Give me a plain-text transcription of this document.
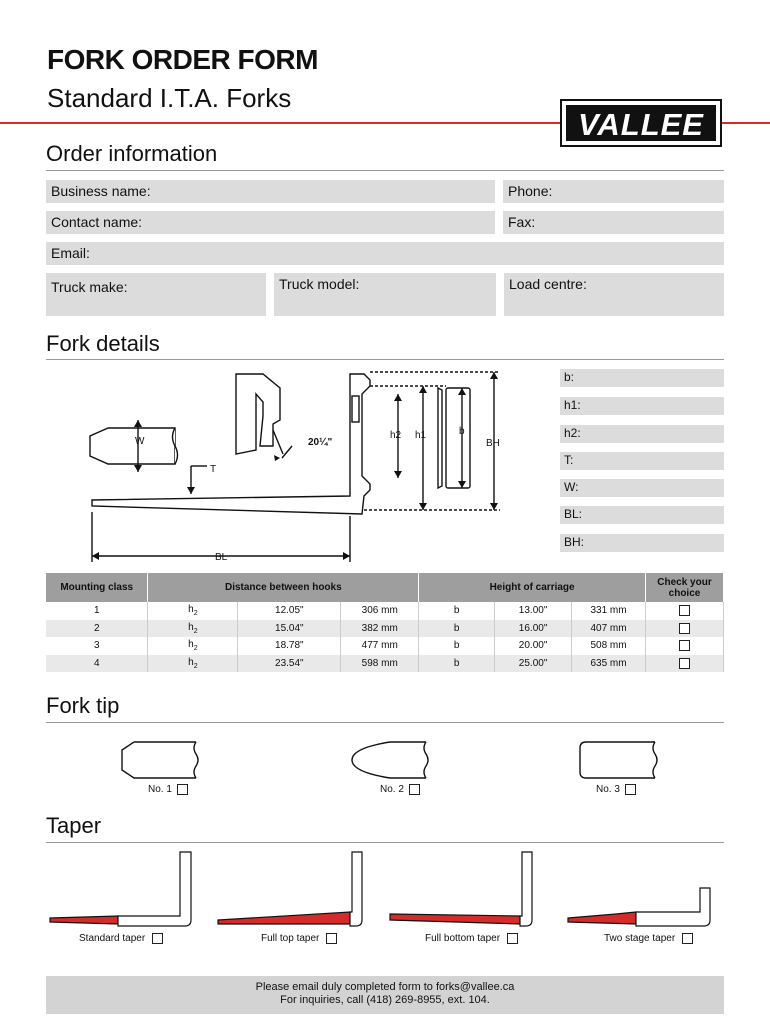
FORK ORDER FORM
Standard I.T.A. Forks
VALLEE
Order information
Business name:	Phone:
Contact name:	Fax:
Email:
Truck make:	Truck model:	Load centre:
Fork details
W
T
BL
BH
h2 h1	b
20¼"
b:
h1:
h2:
T:
W:
BL:
BH:
Mounting class	Distance between hooks			Height of carriage			Check your choice
1	$h_2$	12.05"	306 mm	b	13.00"	331 mm	
2	$h_2$	15.04"	382 mm	b	16.00"	407 mm	
3	$h_2$	18.78"	477 mm	b	20.00"	508 mm	
4	$h_2$	23.54"	598 mm	b	25.00"	635 mm	
Fork tip
No. 1	No. 2	No. 3
Taper
Standard taper	Full top taper	Full bottom taper	Two stage taper
Please email duly completed form to forks@vallee.ca
For inquiries, call (418) 269-8955, ext. 104.
